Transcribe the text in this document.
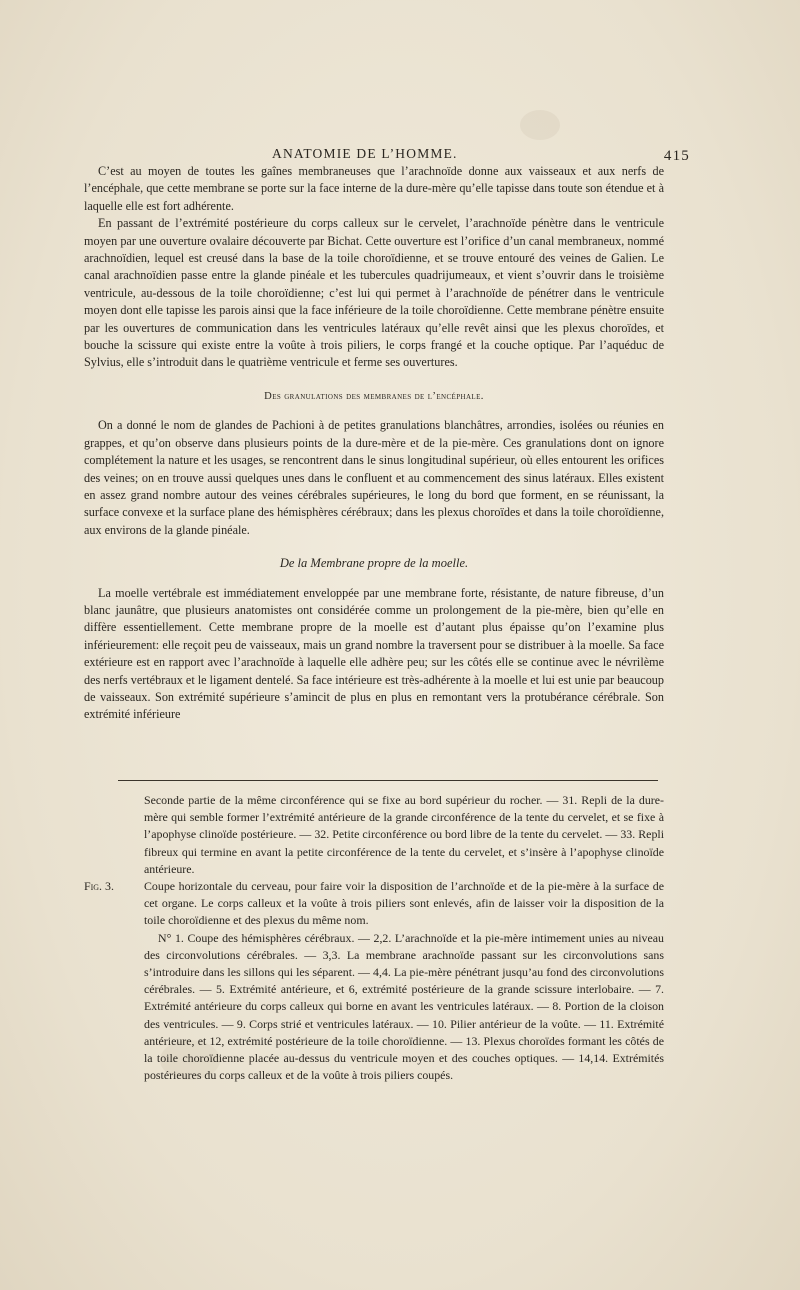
ANATOMIE DE L’HOMME.	415

C’est au moyen de toutes les gaînes membraneuses que l’arachnoïde donne aux vaisseaux et aux nerfs de l’encéphale, que cette membrane se porte sur la face interne de la dure-mère qu’elle tapisse dans toute son étendue et à laquelle elle est fort adhérente.

En passant de l’extrémité postérieure du corps calleux sur le cervelet, l’arachnoïde pénètre dans le ventricule moyen par une ouverture ovalaire découverte par Bichat. Cette ouverture est l’orifice d’un canal membraneux, nommé arachnoïdien, lequel est creusé dans la base de la toile choroïdienne, et se trouve entouré des veines de Galien. Le canal arachnoïdien passe entre la glande pinéale et les tubercules quadrijumeaux, et vient s’ouvrir dans le troisième ventricule, au-dessous de la toile choroïdienne; c’est lui qui permet à l’arachnoïde de pénétrer dans le ventricule moyen dont elle tapisse les parois ainsi que la face inférieure de la toile choroïdienne. Cette membrane pénètre ensuite par les ouvertures de communication dans les ventricules latéraux qu’elle revêt ainsi que les plexus choroïdes, et bouche la scissure qui existe entre la voûte à trois piliers, le corps frangé et la couche optique. Par l’aquéduc de Sylvius, elle s’introduit dans le quatrième ventricule et ferme ses ouvertures.

Des granulations des membranes de l’encéphale.

On a donné le nom de glandes de Pachioni à de petites granulations blanchâtres, arrondies, isolées ou réunies en grappes, et qu’on observe dans plusieurs points de la dure-mère et de la pie-mère. Ces granulations dont on ignore complétement la nature et les usages, se rencontrent dans le sinus longitudinal supérieur, où elles entourent les orifices des veines; on en trouve aussi quelques unes dans le confluent et au commencement des sinus latéraux. Elles existent en assez grand nombre autour des veines cérébrales supérieures, le long du bord que forment, en se réunissant, la surface convexe et la surface plane des hémisphères cérébraux; dans les plexus choroïdes et dans la toile choroïdienne, aux environs de la glande pinéale.

De la Membrane propre de la moelle.

La moelle vertébrale est immédiatement enveloppée par une membrane forte, résistante, de nature fibreuse, d’un blanc jaunâtre, que plusieurs anatomistes ont considérée comme un prolongement de la pie-mère, bien qu’elle en diffère essentiellement. Cette membrane propre de la moelle est d’autant plus épaisse qu’on l’examine plus inférieurement: elle reçoit peu de vaisseaux, mais un grand nombre la traversent pour se distribuer à la moelle. Sa face extérieure est en rapport avec l’arachnoïde à laquelle elle adhère peu; sur les côtés elle se continue avec le névrilème des nerfs vertébraux et le ligament dentelé. Sa face intérieure est très-adhérente à la moelle et lui est unie par beaucoup de vaisseaux. Son extrémité supérieure s’amincit de plus en plus en remontant vers la protubérance cérébrale. Son extrémité inférieure

Seconde partie de la même circonférence qui se fixe au bord supérieur du rocher. — 31. Repli de la dure-mère qui semble former l’extrémité antérieure de la grande circonférence de la tente du cervelet, et se fixe à l’apophyse clinoïde postérieure. — 32. Petite circonférence ou bord libre de la tente du cervelet. — 33. Repli fibreux qui termine en avant la petite circonférence de la tente du cervelet, et s’insère à l’apophyse clinoïde antérieure.
Fig. 3.	Coupe horizontale du cerveau, pour faire voir la disposition de l’archnoïde et de la pie-mère à la surface de cet organe. Le corps calleux et la voûte à trois piliers sont enlevés, afin de laisser voir la disposition de la toile choroïdienne et des plexus du même nom.
N° 1. Coupe des hémisphères cérébraux. — 2,2. L’arachnoïde et la pie-mère intimement unies au niveau des circonvolutions cérébrales. — 3,3. La membrane arachnoïde passant sur les circonvolutions sans s’introduire dans les sillons qui les séparent. — 4,4. La pie-mère pénétrant jusqu’au fond des circonvolutions cérébrales. — 5. Extrémité antérieure, et 6, extrémité postérieure de la grande scissure interlobaire. — 7. Extrémité antérieure du corps calleux qui borne en avant les ventricules latéraux. — 8. Portion de la cloison des ventricules. — 9. Corps strié et ventricules latéraux. — 10. Pilier antérieur de la voûte. — 11. Extrémité antérieure, et 12, extrémité postérieure de la toile choroïdienne. — 13. Plexus choroïdes formant les côtés de la toile choroïdienne placée au-dessus du ventricule moyen et des couches optiques. — 14,14. Extrémités postérieures du corps calleux et de la voûte à trois piliers coupés.
